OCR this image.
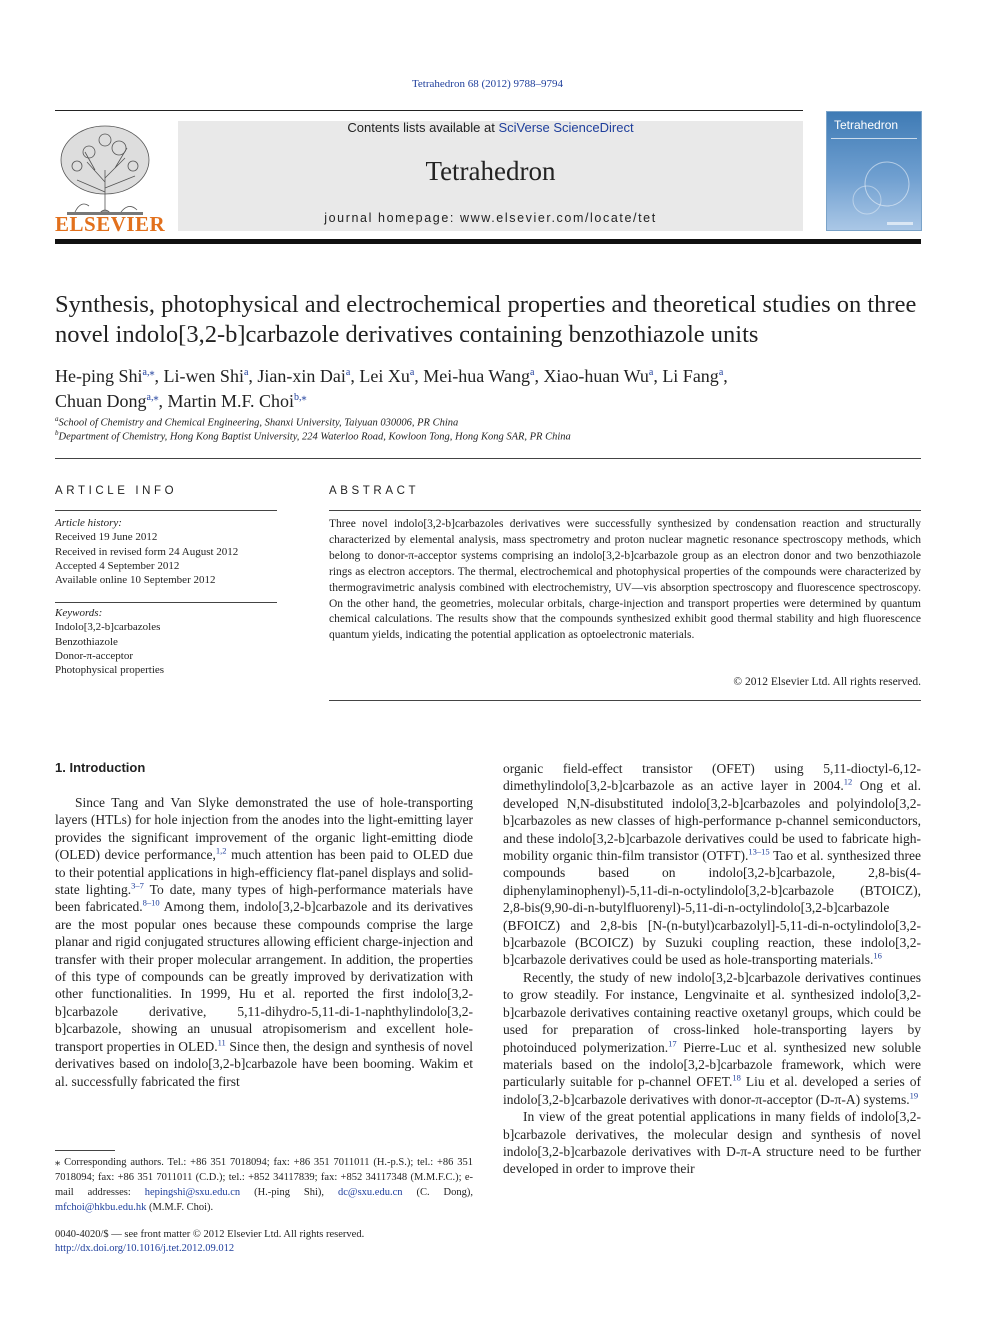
Tetrahedron 68 (2012) 9788–9794
ELSEVIER
Contents lists available at SciVerse ScienceDirect
Tetrahedron
journal homepage: www.elsevier.com/locate/tet
Tetrahedron
Synthesis, photophysical and electrochemical properties and theoretical studies on three novel indolo[3,2-b]carbazole derivatives containing benzothiazole units
He-ping Shi$^{a,⁎}$, Li-wen Shi$^a$, Jian-xin Dai$^a$, Lei Xu$^a$, Mei-hua Wang$^a$, Xiao-huan Wu$^a$, Li Fang$^a$,
Chuan Dong$^{a,⁎}$, Martin M.F. Choi$^{b,⁎}$
$^a$School of Chemistry and Chemical Engineering, Shanxi University, Taiyuan 030006, PR China
$^b$Department of Chemistry, Hong Kong Baptist University, 224 Waterloo Road, Kowloon Tong, Hong Kong SAR, PR China
ARTICLE INFO
Article history:
Received 19 June 2012
Received in revised form 24 August 2012
Accepted 4 September 2012
Available online 10 September 2012
Keywords:
Indolo[3,2-b]carbazoles
Benzothiazole
Donor-π-acceptor
Photophysical properties
ABSTRACT
Three novel indolo[3,2-b]carbazoles derivatives were successfully synthesized by condensation reaction and structurally characterized by elemental analysis, mass spectrometry and proton nuclear magnetic resonance spectroscopy methods, which belong to donor-π-acceptor systems comprising an indolo[3,2-b]carbazole group as an electron donor and two benzothiazole rings as electron acceptors. The thermal, electrochemical and photophysical properties of the compounds were characterized by thermogravimetric analysis combined with electrochemistry, UV—vis absorption spectroscopy and fluorescence spectroscopy. On the other hand, the geometries, molecular orbitals, charge-injection and transport properties were determined by quantum chemical calculations. The results show that the compounds synthesized exhibit good thermal stability and high fluorescence quantum yields, indicating the potential application as optoelectronic materials.
© 2012 Elsevier Ltd. All rights reserved.
1. Introduction

Since Tang and Van Slyke demonstrated the use of hole-transporting layers (HTLs) for hole injection from the anodes into the light-emitting layer provides the significant improvement of the organic light-emitting diode (OLED) device performance,$^{1,2}$ much attention has been paid to OLED due to their potential applications in high-efficiency flat-panel displays and solid-state lighting.$^{3-7}$ To date, many types of high-performance materials have been fabricated.$^{8-10}$ Among them, indolo[3,2-b]carbazole and its derivatives are the most popular ones because these compounds comprise the large planar and rigid conjugated structures allowing efficient charge-injection and transfer with their proper molecular arrangement. In addition, the properties of this type of compounds can be greatly improved by derivatization with other functionalities. In 1999, Hu et al. reported the first indolo[3,2-b]carbazole derivative, 5,11-dihydro-5,11-di-1-naphthylindolo[3,2-b]carbazole, showing an unusual atropisomerism and excellent hole-transport properties in OLED.$^{11}$ Since then, the design and synthesis of novel derivatives based on indolo[3,2-b]carbazole have been booming. Wakim et al. successfully fabricated the first

organic field-effect transistor (OFET) using 5,11-dioctyl-6,12-dimethylindolo[3,2-b]carbazole as an active layer in 2004.12 Ong et al. developed N,N-disubstituted indolo[3,2-b]carbazoles and polyindolo[3,2-b]carbazoles as new classes of high-performance p-channel semiconductors, and these indolo[3,2-b]carbazole derivatives could be used to fabricate high-mobility organic thin-film transistor (OTFT).$^{13-15}$ Tao et al. synthesized three compounds based on indolo[3,2-b]carbazole, 2,8-bis(4-diphenylaminophenyl)-5,11-di-n-octylindolo[3,2-b]carbazole (BTOICZ), 2,8-bis(9,90-di-n-butylfluorenyl)-5,11-di-n-octylindolo[3,2-b]carbazole (BFOICZ) and 2,8-bis [N-(n-butyl)carbazolyl]-5,11-di-n-octylindolo[3,2-b]carbazole (BCOICZ) by Suzuki coupling reaction, these indolo[3,2-b]carbazole derivatives could be used as hole-transporting materials.$^{16}$

Recently, the study of new indolo[3,2-b]carbazole derivatives continues to grow steadily. For instance, Lengvinaite et al. synthesized indolo[3,2-b]carbazole derivatives containing reactive oxetanyl groups, which could be used for preparation of cross-linked hole-transporting layers by photoinduced polymerization.$^{17}$ Pierre-Luc et al. synthesized new soluble materials based on the indolo[3,2-b]carbazole framework, which were particularly suitable for p-channel OFET.$^{18}$ Liu et al. developed a series of indolo[3,2-b]carbazole derivatives with donor-π-acceptor (D-π-A) systems.$^{19}$

In view of the great potential applications in many fields of indolo[3,2-b]carbazole derivatives, the molecular design and synthesis of novel indolo[3,2-b]carbazole derivatives with D-π-A structure need to be further developed in order to improve their

⁎ Corresponding authors. Tel.: +86 351 7018094; fax: +86 351 7011011 (H.-p.S.); tel.: +86 351 7018094; fax: +86 351 7011011 (C.D.); tel.: +852 34117839; fax: +852 34117348 (M.M.F.C.); e-mail addresses: hepingshi@sxu.edu.cn (H.-ping Shi), dc@sxu.edu.cn (C. Dong), mfchoi@hkbu.edu.hk (M.M.F. Choi).
0040-4020/$ — see front matter © 2012 Elsevier Ltd. All rights reserved.
http://dx.doi.org/10.1016/j.tet.2012.09.012
